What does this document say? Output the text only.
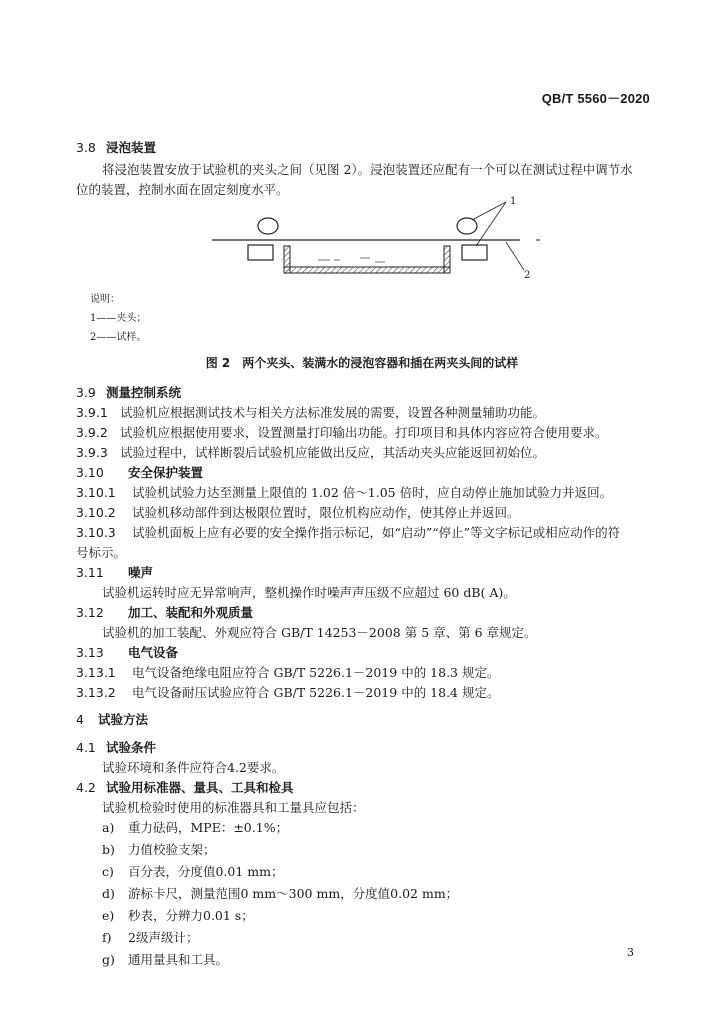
QB/T 5560－2020
3.8 浸泡装置
将浸泡装置安放于试验机的夹头之间（见图 2）。浸泡装置还应配有一个可以在测试过程中调节水
位的装置，控制水面在固定刻度水平。
1
2
说明：
1——夹头；
2——试样。
图 2　两个夹头、装满水的浸泡容器和插在两夹头间的试样
3.9 测量控制系统
3.9.1 试验机应根据测试技术与相关方法标准发展的需要，设置各种测量辅助功能。
3.9.2 试验机应根据使用要求，设置测量打印输出功能。打印项目和具体内容应符合使用要求。
3.9.3 试验过程中，试样断裂后试验机应能做出反应，其活动夹头应能返回初始位。
3.10 安全保护装置
3.10.1 试验机试验力达至测量上限值的 1.02 倍～1.05 倍时，应自动停止施加试验力并返回。
3.10.2 试验机移动部件到达极限位置时，限位机构应动作，使其停止并返回。
3.10.3 试验机面板上应有必要的安全操作指示标记，如“启动”“停止”等文字标记或相应动作的符
号标示。
3.11 噪声
试验机运转时应无异常响声，整机操作时噪声声压级不应超过 60 dB( A)。
3.12 加工、装配和外观质量
试验机的加工装配、外观应符合 GB/T 14253－2008 第 5 章、第 6 章规定。
3.13 电气设备
3.13.1 电气设备绝缘电阻应符合 GB/T 5226.1－2019 中的 18.3 规定。
3.13.2 电气设备耐压试验应符合 GB/T 5226.1－2019 中的 18.4 规定。
4 试验方法
4.1 试验条件
试验环境和条件应符合4.2要求。
4.2 试验用标准器、量具、工具和检具
试验机检验时使用的标准器具和工量具应包括：
a) 重力砝码，MPE：±0.1%；
b) 力值校验支架；
c) 百分表，分度值0.01 mm；
d) 游标卡尺，测量范围0 mm～300 mm，分度值0.02 mm；
e) 秒表，分辨力0.01 s；
f) 2级声级计；
g) 通用量具和工具。	3
